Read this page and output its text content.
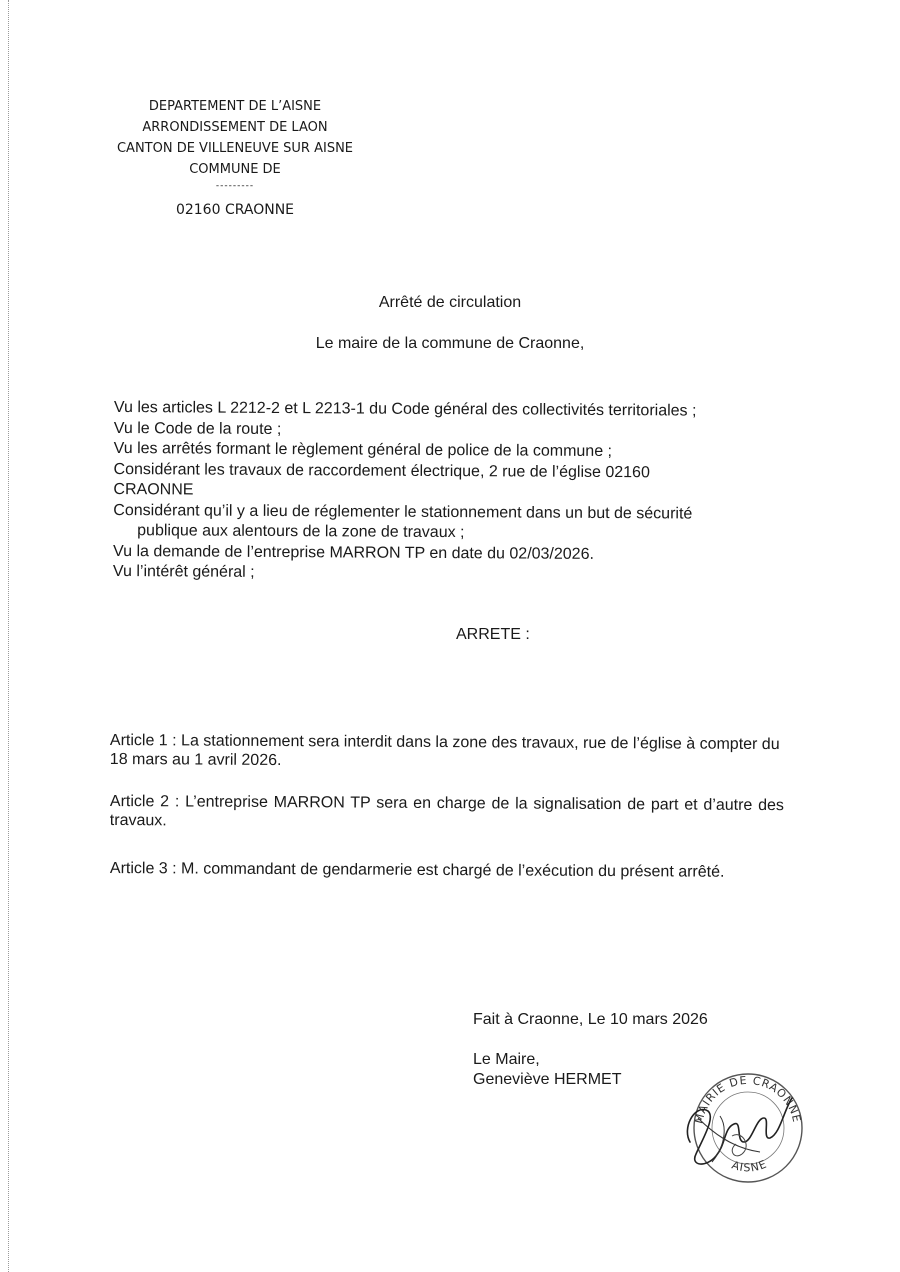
DEPARTEMENT DE L’AISNE
ARRONDISSEMENT DE LAON
CANTON DE VILLENEUVE SUR AISNE
COMMUNE DE
---------
02160 CRAONNE
Arrêté de circulation
Le maire de la commune de Craonne,

Vu les articles L 2212-2 et L 2213-1 du Code général des collectivités territoriales ;

Vu le Code de la route ;

Vu les arrêtés formant le règlement général de police de la commune ;

Considérant les travaux de raccordement électrique, 2 rue de l’église 02160

CRAONNE

Considérant qu’il y a lieu de réglementer le stationnement dans un but de sécurité

publique aux alentours de la zone de travaux ;

Vu la demande de l’entreprise MARRON TP en date du 02/03/2026.

Vu l’intérêt général ;

ARRETE :
Article 1 : La stationnement sera interdit dans la zone des travaux, rue de l’église à compter du 18 mars au 1 avril 2026.
Article 2 : L’entreprise MARRON TP sera en charge de la signalisation de part et d’autre des travaux.
Article 3 : M. commandant de gendarmerie est chargé de l’exécution du présent arrêté.
Fait à Craonne, Le 10 mars 2026
Le Maire,
Geneviève HERMET
MAIRIE DE CRAONNE
AISNE
